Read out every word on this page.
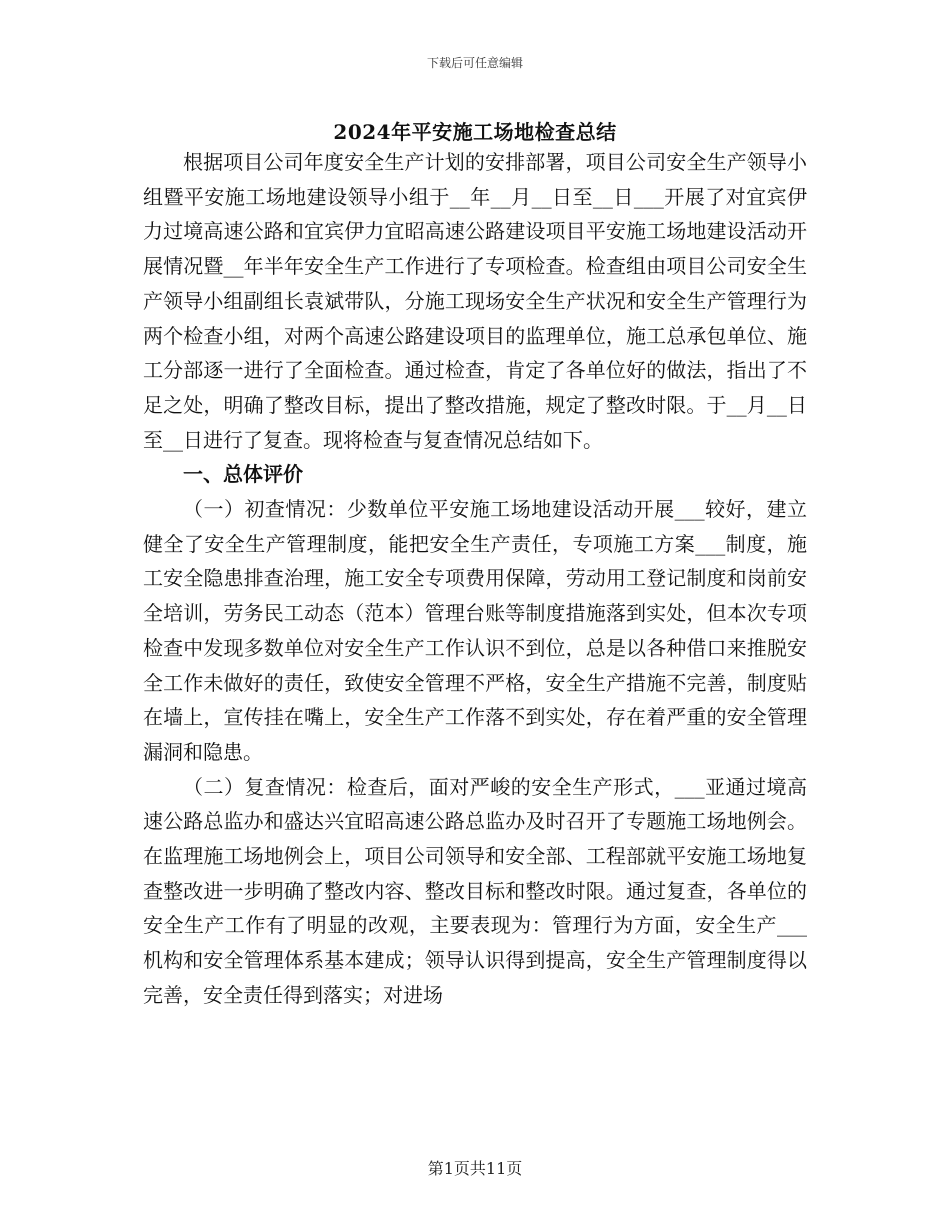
下载后可任意编辑
2024年平安施工场地检查总结

根据项目公司年度安全生产计划的安排部署，项目公司安全生产领导小组暨平安施工场地建设领导小组于__年__月__日至__日___开展了对宜宾伊力过境高速公路和宜宾伊力宜昭高速公路建设项目平安施工场地建设活动开展情况暨__年半年安全生产工作进行了专项检查。检查组由项目公司安全生产领导小组副组长袁斌带队，分施工现场安全生产状况和安全生产管理行为两个检查小组，对两个高速公路建设项目的监理单位，施工总承包单位、施工分部逐一进行了全面检查。通过检查，肯定了各单位好的做法，指出了不足之处，明确了整改目标，提出了整改措施，规定了整改时限。于__月__日至__日进行了复查。现将检查与复查情况总结如下。

一、总体评价

（一）初查情况：少数单位平安施工场地建设活动开展___较好，建立健全了安全生产管理制度，能把安全生产责任，专项施工方案___制度，施工安全隐患排查治理，施工安全专项费用保障，劳动用工登记制度和岗前安全培训，劳务民工动态（范本）管理台账等制度措施落到实处，但本次专项检查中发现多数单位对安全生产工作认识不到位，总是以各种借口来推脱安全工作未做好的责任，致使安全管理不严格，安全生产措施不完善，制度贴在墙上，宣传挂在嘴上，安全生产工作落不到实处，存在着严重的安全管理漏洞和隐患。

（二）复查情况：检查后，面对严峻的安全生产形式，___亚通过境高速公路总监办和盛达兴宜昭高速公路总监办及时召开了专题施工场地例会。在监理施工场地例会上，项目公司领导和安全部、工程部就平安施工场地复查整改进一步明确了整改内容、整改目标和整改时限。通过复查，各单位的安全生产工作有了明显的改观，主要表现为：管理行为方面，安全生产___机构和安全管理体系基本建成；领导认识得到提高，安全生产管理制度得以完善，安全责任得到落实；对进场

第1页共11页
